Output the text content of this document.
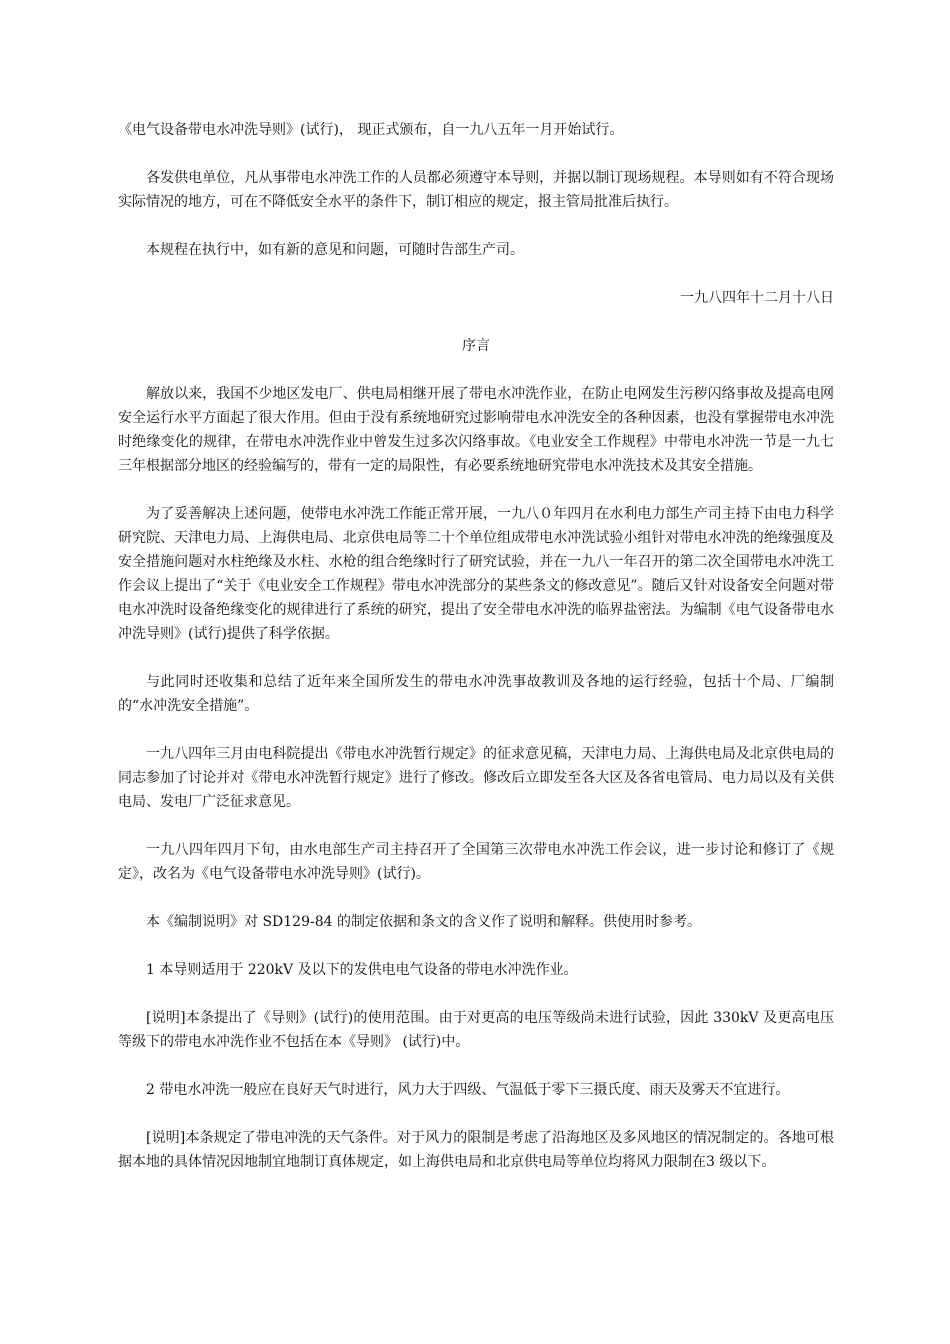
《电气设备带电水冲洗导则》(试行)， 现正式颁布，自一九八五年一月开始试行。

各发供电单位，凡从事带电水冲洗工作的人员都必须遵守本导则，并据以制订现场规程。本导则如有不符合现场实际情况的地方，可在不降低安全水平的条件下，制订相应的规定，报主管局批准后执行。

本规程在执行中，如有新的意见和问题，可随时告部生产司。

一九八四年十二月十八日

序言

解放以来，我国不少地区发电厂、供电局相继开展了带电水冲洗作业，在防止电网发生污秽闪络事故及提高电网安全运行水平方面起了很大作用。但由于没有系统地研究过影响带电水冲洗安全的各种因素，也没有掌握带电水冲洗时绝缘变化的规律，在带电水冲洗作业中曾发生过多次闪络事故。《电业安全工作规程》中带电水冲洗一节是一九七三年根据部分地区的经验编写的，带有一定的局限性，有必要系统地研究带电水冲洗技术及其安全措施。

为了妥善解决上述问题，使带电水冲洗工作能正常开展，一九八０年四月在水利电力部生产司主持下由电力科学研究院、天津电力局、上海供电局、北京供电局等二十个单位组成带电水冲洗试验小组针对带电水冲洗的绝缘强度及安全措施问题对水柱绝缘及水柱、水枪的组合绝缘时行了研究试验，并在一九八一年召开的第二次全国带电水冲洗工作会议上提出了“关于《电业安全工作规程》带电水冲洗部分的某些条文的修改意见”。随后又针对设备安全问题对带电水冲洗时设备绝缘变化的规律进行了系统的研究，提出了安全带电水冲洗的临界盐密法。为编制《电气设备带电水冲洗导则》(试行)提供了科学依据。

与此同时还收集和总结了近年来全国所发生的带电水冲洗事故教训及各地的运行经验，包括十个局、厂编制的“水冲洗安全措施”。

一九八四年三月由电科院提出《带电水冲洗暂行规定》的征求意见稿，天津电力局、上海供电局及北京供电局的同志参加了讨论并对《带电水冲洗暂行规定》进行了修改。修改后立即发至各大区及各省电管局、电力局以及有关供电局、发电厂广泛征求意见。

一九八四年四月下旬，由水电部生产司主持召开了全国第三次带电水冲洗工作会议，进一步讨论和修订了《规定》，改名为《电气设备带电水冲洗导则》(试行)。

本《编制说明》对 SD129-84 的制定依据和条文的含义作了说明和解释。供使用时参考。

1 本导则适用于 220kV 及以下的发供电电气设备的带电水冲洗作业。

[说明]本条提出了《导则》(试行)的使用范围。由于对更高的电压等级尚未进行试验，因此 330kV 及更高电压等级下的带电水冲洗作业不包括在本《导则》 (试行)中。

2 带电水冲洗一般应在良好天气时进行，风力大于四级、气温低于零下三摄氏度、雨天及雾天不宜进行。

[说明]本条规定了带电冲洗的天气条件。对于风力的限制是考虑了沿海地区及多风地区的情况制定的。各地可根据本地的具体情况因地制宜地制订真体规定，如上海供电局和北京供电局等单位均将风力限制在3 级以下。
